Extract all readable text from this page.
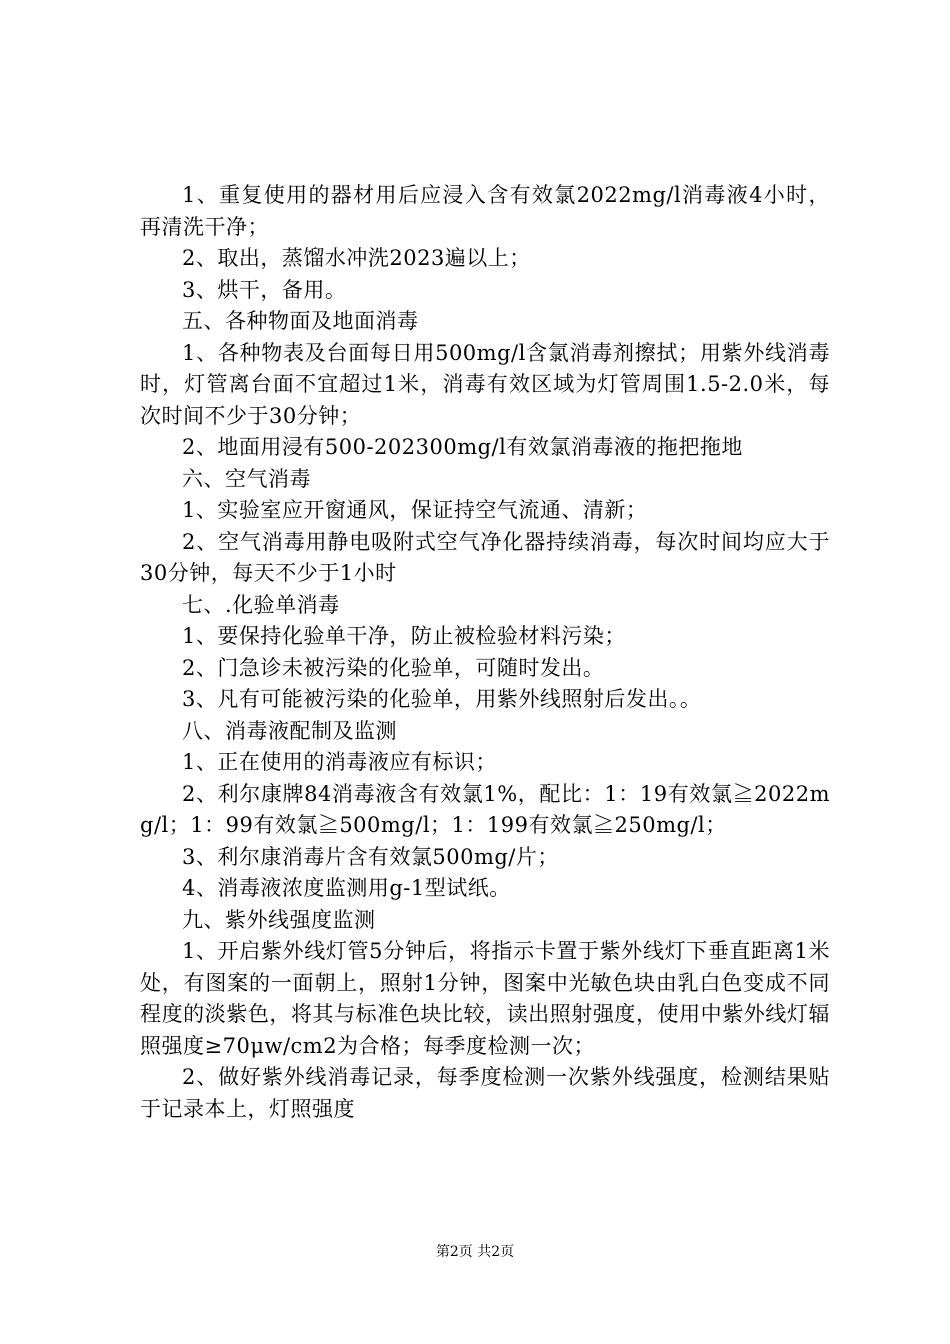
1、重复使用的器材用后应浸入含有效氯2022mg/l消毒液4小时，再清洗干净；

2、取出，蒸馏水冲洗2023遍以上；

3、烘干，备用。

五、各种物面及地面消毒

1、各种物表及台面每日用500mg/l含氯消毒剂擦拭；用紫外线消毒时，灯管离台面不宜超过1米，消毒有效区域为灯管周围1.5-2.0米，每次时间不少于30分钟；

2、地面用浸有500-202300mg/l有效氯消毒液的拖把拖地

六、空气消毒

1、实验室应开窗通风，保证持空气流通、清新；

2、空气消毒用静电吸附式空气净化器持续消毒，每次时间均应大于30分钟，每天不少于1小时

七、.化验单消毒

1、要保持化验单干净，防止被检验材料污染；

2、门急诊未被污染的化验单，可随时发出。

3、凡有可能被污染的化验单，用紫外线照射后发出。。

八、消毒液配制及监测

1、正在使用的消毒液应有标识；

2、利尔康牌84消毒液含有效氯1%，配比：1：19有效氯≧2022mg/l；1：99有效氯≧500mg/l；1：199有效氯≧250mg/l；

3、利尔康消毒片含有效氯500mg/片；

4、消毒液浓度监测用g-1型试纸。

九、紫外线强度监测

1、开启紫外线灯管5分钟后，将指示卡置于紫外线灯下垂直距离1米处，有图案的一面朝上，照射1分钟，图案中光敏色块由乳白色变成不同程度的淡紫色，将其与标准色块比较，读出照射强度，使用中紫外线灯辐照强度≥70μw/cm2为合格；每季度检测一次；

2、做好紫外线消毒记录，每季度检测一次紫外线强度，检测结果贴于记录本上，灯照强度

第2页 共2页
